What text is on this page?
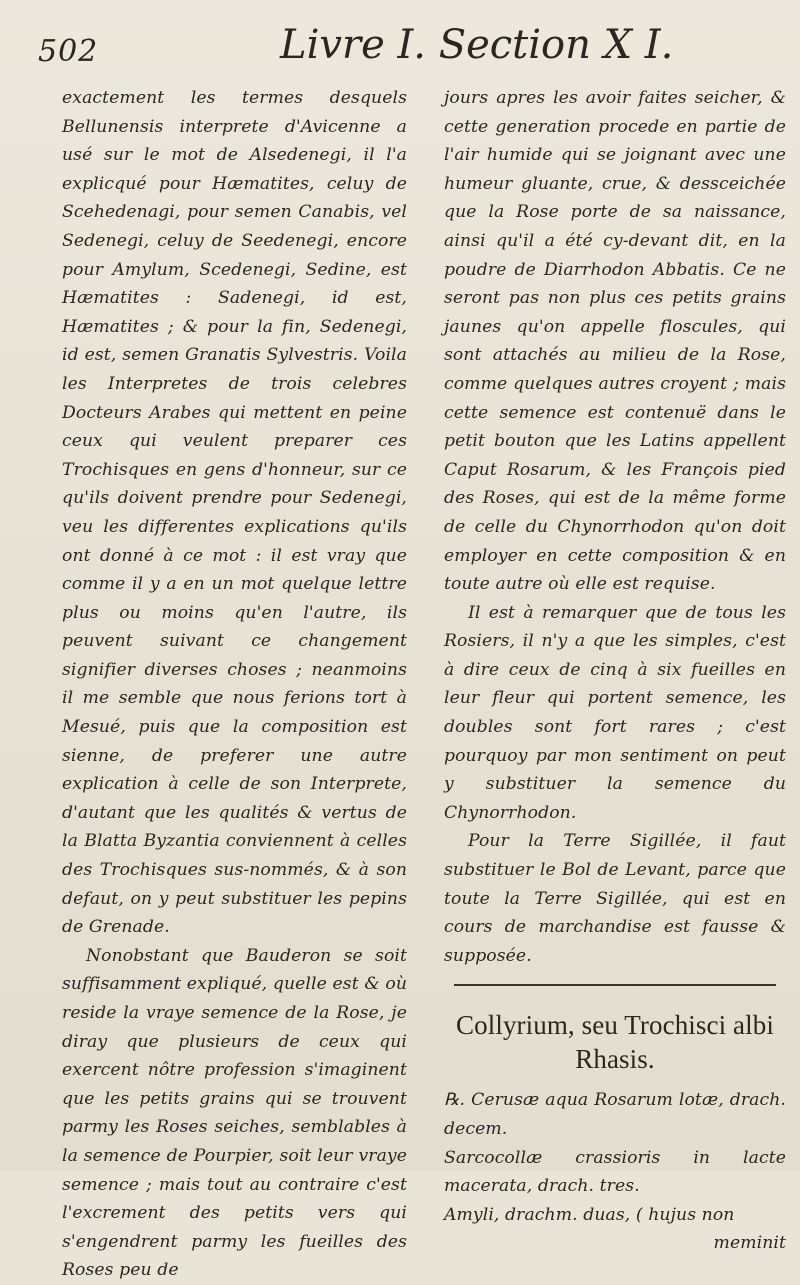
502	Livre I. Section X I.

exactement les termes desquels Bellunensis interprete d'Avicenne a usé sur le mot de Alsedenegi, il l'a explicqué pour Hæmatites, celuy de Scehedenagi, pour semen Canabis, vel Sedenegi, celuy de Seedenegi, encore pour Amylum, Scedenegi, Sedine, est Hæmatites : Sadenegi, id est, Hæmatites ; & pour la fin, Sedenegi, id est, semen Granatis Sylvestris. Voila les Interpretes de trois celebres Docteurs Arabes qui mettent en peine ceux qui veulent preparer ces Trochisques en gens d'honneur, sur ce qu'ils doivent prendre pour Sedenegi, veu les differentes explications qu'ils ont donné à ce mot : il est vray que comme il y a en un mot quelque lettre plus ou moins qu'en l'autre, ils peuvent suivant ce changement signifier diverses choses ; neanmoins il me semble que nous ferions tort à Mesué, puis que la composition est sienne, de preferer une autre explication à celle de son Interprete, d'autant que les qualités & vertus de la Blatta Byzantia conviennent à celles des Trochisques sus-nommés, & à son defaut, on y peut substituer les pepins de Grenade.

Nonobstant que Bauderon se soit suffisamment expliqué, quelle est & où reside la vraye semence de la Rose, je diray que plusieurs de ceux qui exercent nôtre profession s'imaginent que les petits grains qui se trouvent parmy les Roses seiches, semblables à la semence de Pourpier, soit leur vraye semence ; mais tout au contraire c'est l'excrement des petits vers qui s'engendrent parmy les fueilles des Roses peu de

jours apres les avoir faites seicher, & cette generation procede en partie de l'air humide qui se joignant avec une humeur gluante, crue, & dessceichée que la Rose porte de sa naissance, ainsi qu'il a été cy-devant dit, en la poudre de Diarrhodon Abbatis. Ce ne seront pas non plus ces petits grains jaunes qu'on appelle floscules, qui sont attachés au milieu de la Rose, comme quelques autres croyent ; mais cette semence est contenuë dans le petit bouton que les Latins appellent Caput Rosarum, & les François pied des Roses, qui est de la même forme de celle du Chynorrhodon qu'on doit employer en cette composition & en toute autre où elle est requise.

Il est à remarquer que de tous les Rosiers, il n'y a que les simples, c'est à dire ceux de cinq à six fueilles en leur fleur qui portent semence, les doubles sont fort rares ; c'est pourquoy par mon sentiment on peut y substituer la semence du Chynorrhodon.

Pour la Terre Sigillée, il faut substituer le Bol de Levant, parce que toute la Terre Sigillée, qui est en cours de marchandise est fausse & supposée.

Collyrium, seu Trochisci albi Rhasis.

℞. Cerusæ aqua Rosarum lotæ, drach. decem.

Sarcocollæ crassioris in lacte macerata, drach. tres.

Amyli, drachm. duas, ( hujus non

meminit
